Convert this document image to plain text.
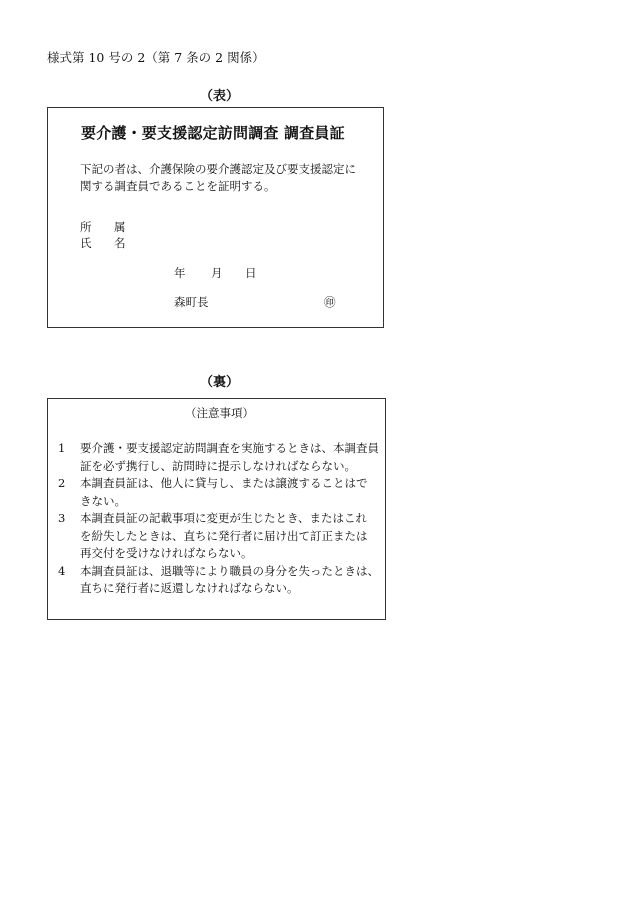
様式第 10 号の 2（第 7 条の 2 関係）
（表）
要介護・要支援認定訪問調査 調査員証
下記の者は、介護保険の要介護認定及び要支援認定に
関する調査員であることを証明する。
所 属
氏 名
年 月 日
森町長	㊞
（裏）
（注意事項）
1	要介護・要支援認定訪問調査を実施するときは、本調査員
証を必ず携行し、訪問時に提示しなければならない。
2	本調査員証は、他人に貸与し、または譲渡することはで
きない。
3	本調査員証の記載事項に変更が生じたとき、またはこれ
を紛失したときは、直ちに発行者に届け出て訂正または
再交付を受けなければならない。
4	本調査員証は、退職等により職員の身分を失ったときは、
直ちに発行者に返還しなければならない。
